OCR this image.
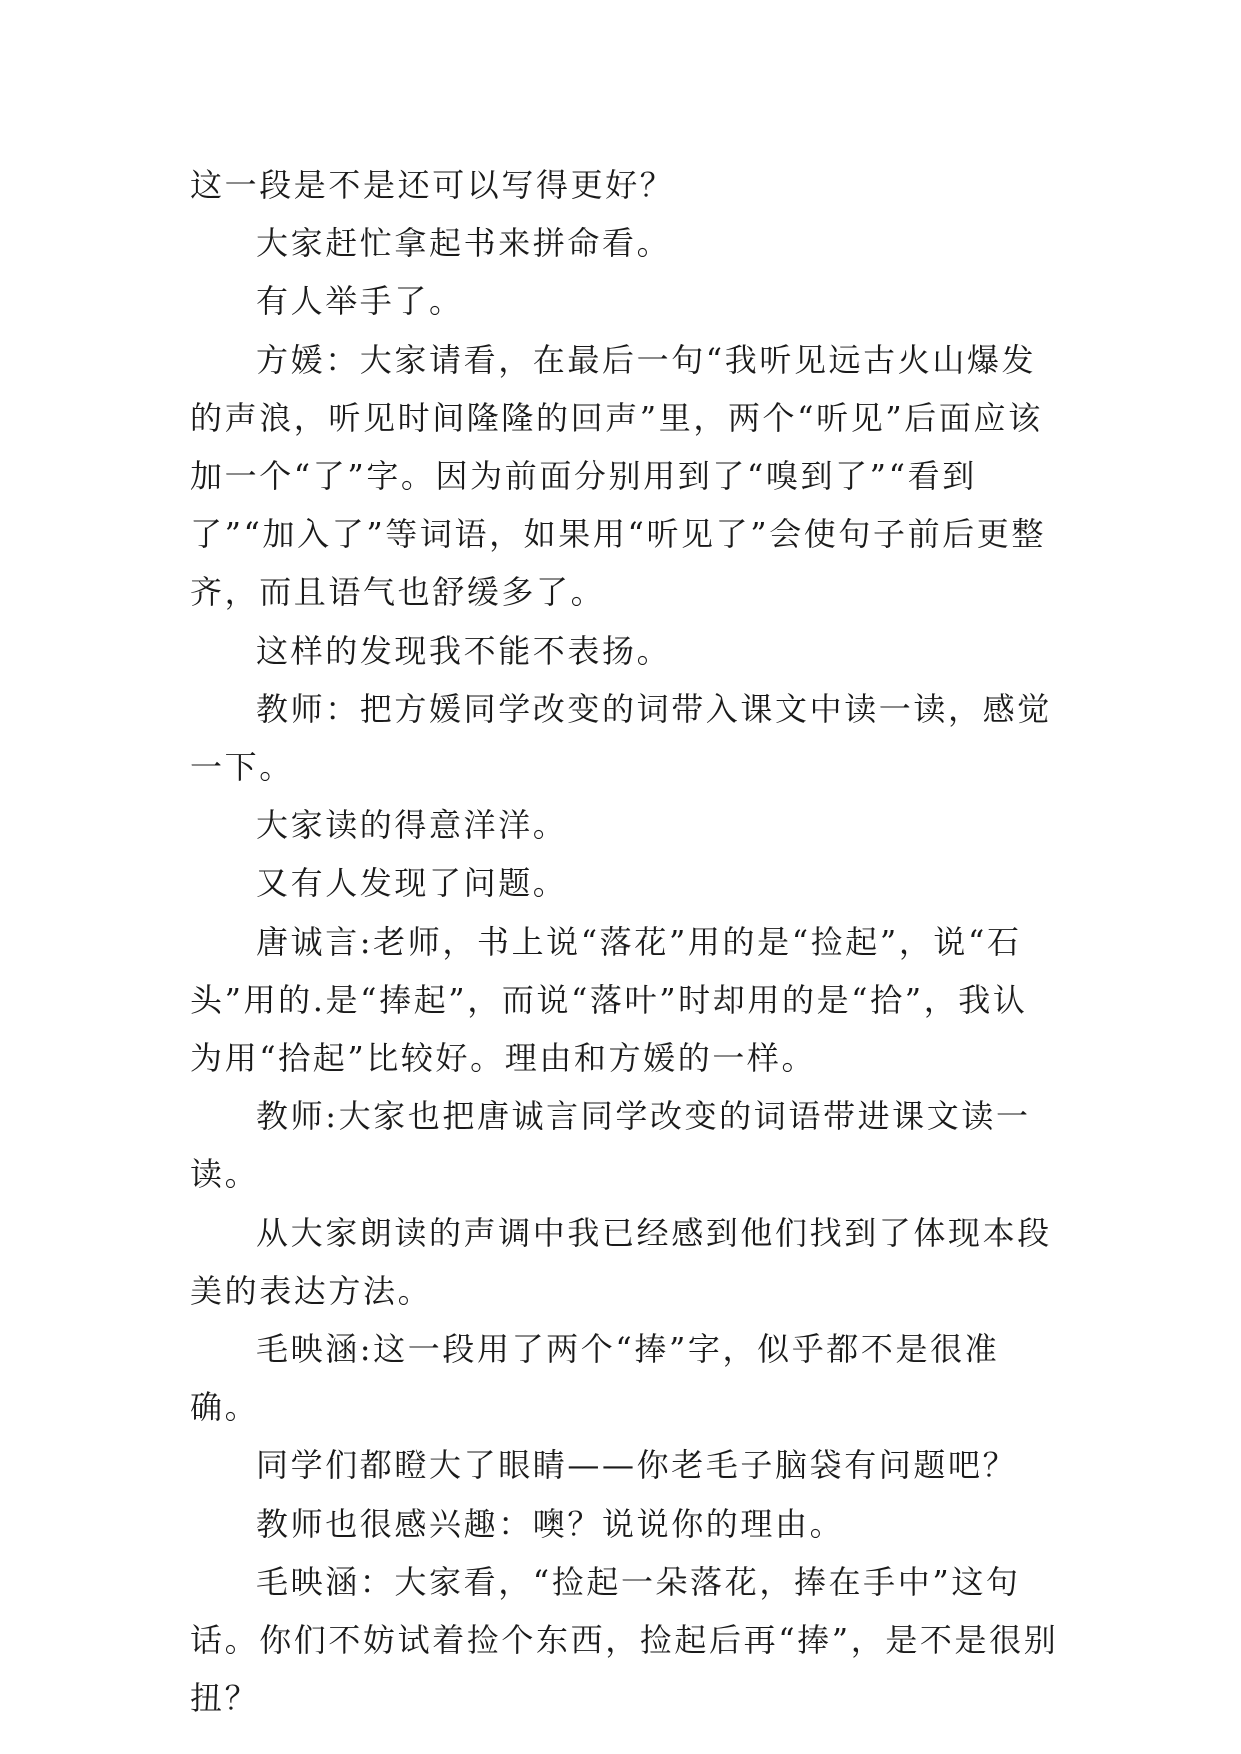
这一段是不是还可以写得更好？

大家赶忙拿起书来拼命看。

有人举手了。

方媛：大家请看，在最后一句“我听见远古火山爆发的声浪，听见时间隆隆的回声”里，两个“听见”后面应该加一个“了”字。因为前面分别用到了“嗅到了”“看到了”“加入了”等词语，如果用“听见了”会使句子前后更整齐，而且语气也舒缓多了。

这样的发现我不能不表扬。

教师：把方媛同学改变的词带入课文中读一读，感觉一下。

大家读的得意洋洋。

又有人发现了问题。

唐诚言:老师，书上说“落花”用的是“捡起”，说“石头”用的.是“捧起”，而说“落叶”时却用的是“拾”，我认为用“拾起”比较好。理由和方媛的一样。

教师:大家也把唐诚言同学改变的词语带进课文读一读。

从大家朗读的声调中我已经感到他们找到了体现本段美的表达方法。

毛映涵:这一段用了两个“捧”字，似乎都不是很准确。

同学们都瞪大了眼睛——你老毛子脑袋有问题吧？

教师也很感兴趣：噢？说说你的理由。

毛映涵：大家看，“捡起一朵落花，捧在手中”这句话。你们不妨试着捡个东西，捡起后再“捧”，是不是很别扭？
